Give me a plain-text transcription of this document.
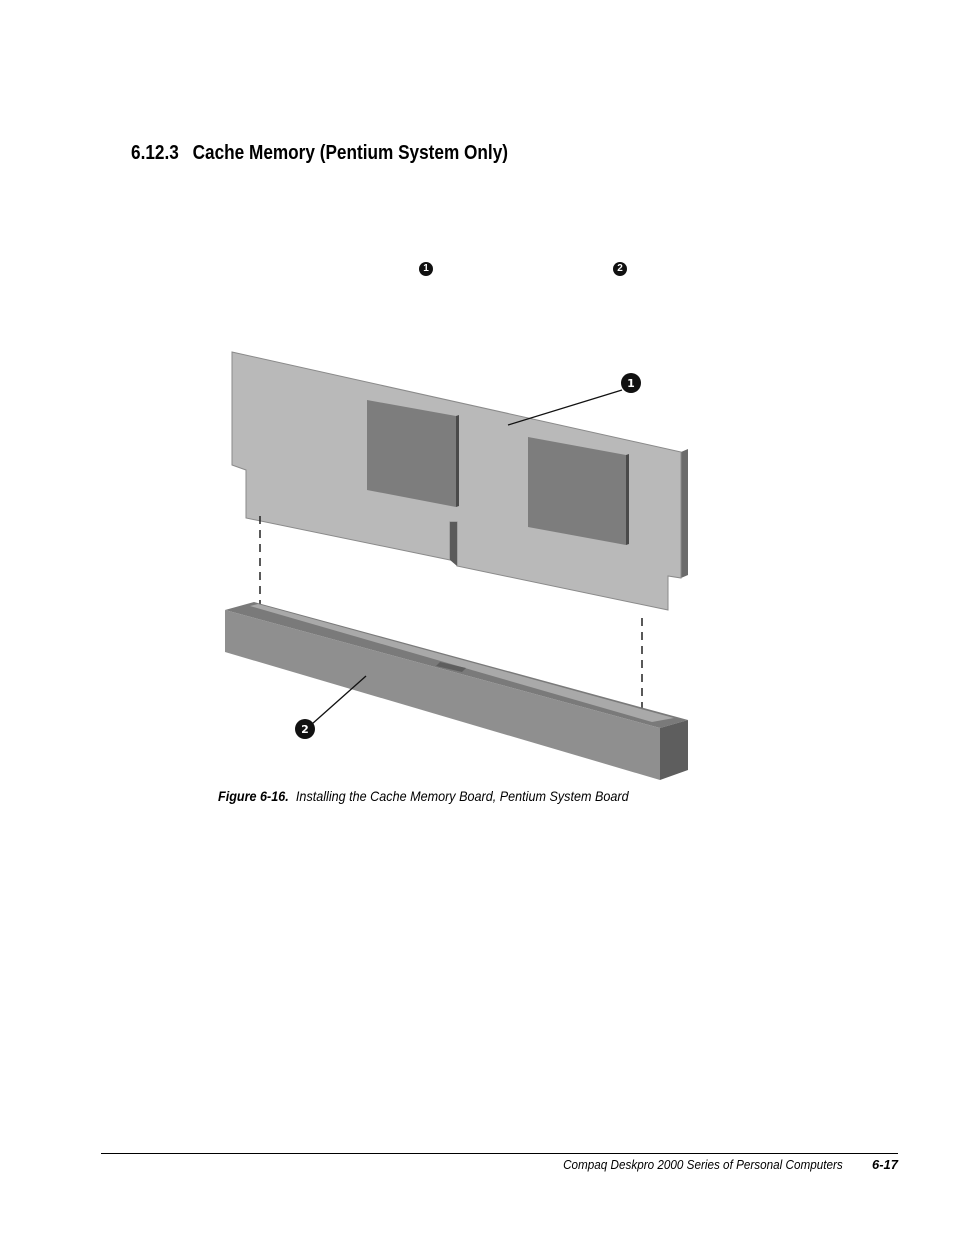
6.12.3 Cache Memory (Pentium System Only)
1	2
1
2
Figure 6-16. Installing the Cache Memory Board, Pentium System Board
Compaq Deskpro 2000 Series of Personal Computers 6-17
